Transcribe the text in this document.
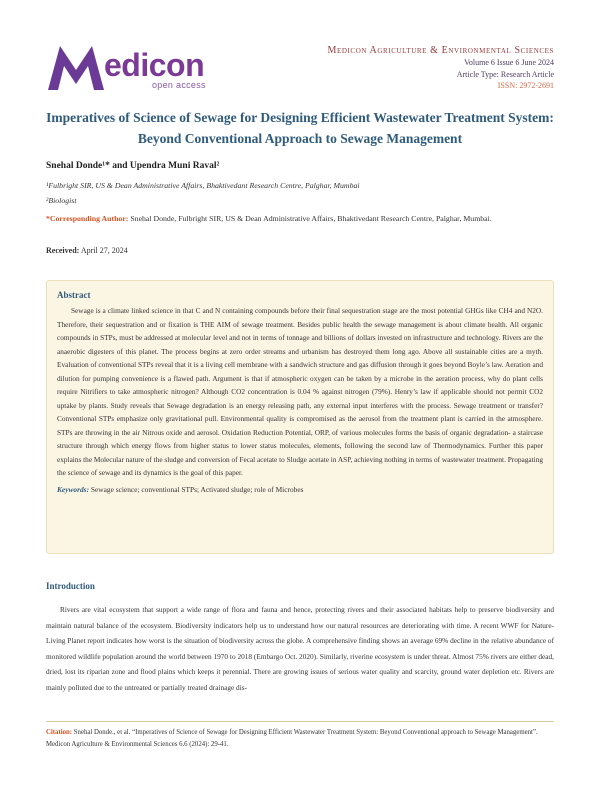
edicon
open access
Medicon Agriculture & Environmental Sciences
Volume 6 Issue 6 June 2024
Article Type: Research Article
ISSN: 2972-2691
Imperatives of Science of Sewage for Designing Efficient Wastewater Treatment System: Beyond Conventional Approach to Sewage Management
Snehal Donde¹* and Upendra Muni Raval²
¹Fulbright SIR, US & Dean Administrative Affairs, Bhaktivedant Research Centre, Palghar, Mumbai
²Biologist
*Corresponding Author: Snehal Donde, Fulbright SIR, US & Dean Administrative Affairs, Bhaktivedant Research Centre, Palghar, Mumbai.
Received: April 27, 2024
Abstract

Sewage is a climate linked science in that C and N containing compounds before their final sequestration stage are the most potential GHGs like CH4 and N2O. Therefore, their sequestration and or fixation is THE AIM of sewage treatment. Besides public health the sewage management is about climate health. All organic compounds in STPs, must be addressed at molecular level and not in terms of tonnage and billions of dollars invested on infrastructure and technology. Rivers are the anaerobic digesters of this planet. The process begins at zero order streams and urbanism has destroyed them long ago. Above all sustainable cities are a myth. Evaluation of conventional STPs reveal that it is a living cell membrane with a sandwich structure and gas diffusion through it goes beyond Boyle’s law. Aeration and dilution for pumping convenience is a flawed path. Argument is that if atmospheric oxygen can be taken by a microbe in the aeration process, why do plant cells require Nitrifiers to take atmospheric nitrogen? Although CO2 concentration is 0.04 % against nitrogen (79%). Henry’s law if applicable should not permit CO2 uptake by plants. Study reveals that Sewage degradation is an energy releasing path, any external input interferes with the process. Sewage treatment or transfer? Conventional STPs emphasize only gravitational pull. Environmental quality is compromised as the aerosol from the treatment plant is carried in the atmosphere. STPs are throwing in the air Nitrous oxide and aerosol. Oxidation Reduction Potential, ORP, of various molecules forms the basis of organic degradation- a staircase structure through which energy flows from higher status to lower status molecules, elements, following the second law of Thermodynamics. Further this paper explains the Molecular nature of the sludge and conversion of Fecal acetate to Sludge acetate in ASP, achieving nothing in terms of wastewater treatment. Propagating the science of sewage and its dynamics is the goal of this paper.

Keywords: Sewage science; conventional STPs; Activated sludge; role of Microbes
Introduction

Rivers are vital ecosystem that support a wide range of flora and fauna and hence, protecting rivers and their associated habitats help to preserve biodiversity and maintain natural balance of the ecosystem. Biodiversity indicators help us to understand how our natural resources are deteriorating with time. A recent WWF for Nature- Living Planet report indicates how worst is the situation of biodiversity across the globe. A comprehensive finding shows an average 69% decline in the relative abundance of monitored wildlife population around the world between 1970 to 2018 (Embargo Oct. 2020). Similarly, riverine ecosystem is under threat. Almost 75% rivers are either dead, dried, lost its riparian zone and flood plains which keeps it perennial. There are growing issues of serious water quality and scarcity, ground water depletion etc. Rivers are mainly polluted due to the untreated or partially treated drainage dis-

Citation: Snehal Donde., et al. “Imperatives of Science of Sewage for Designing Efficient Wastewater Treatment System: Beyond Conventional approach to Sewage Management”. Medicon Agriculture & Environmental Sciences 6.6 (2024): 29-41.
